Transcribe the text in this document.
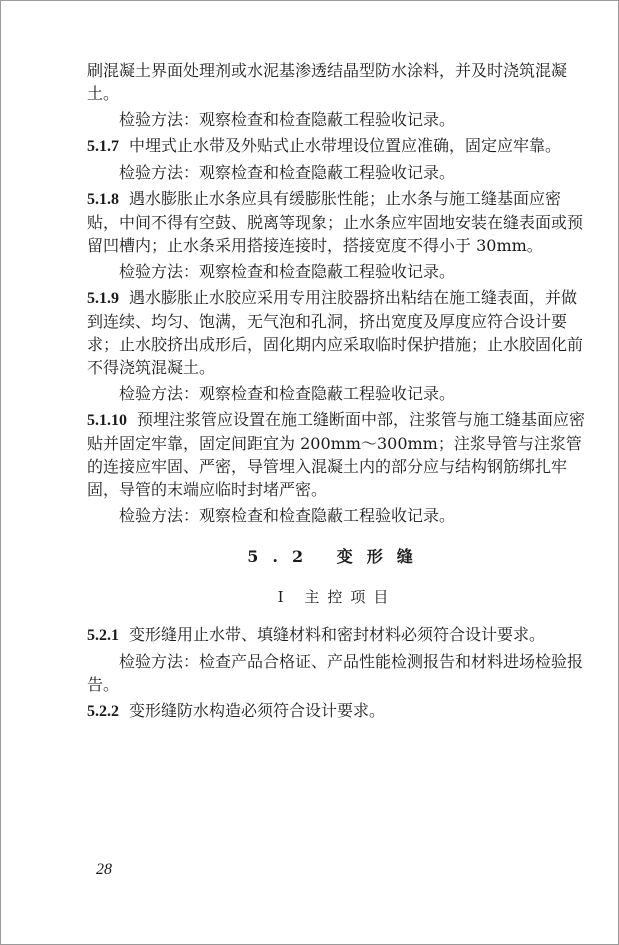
刷混凝土界面处理剂或水泥基渗透结晶型防水涂料，并及时浇筑混凝土。

检验方法：观察检查和检查隐蔽工程验收记录。

5.1.7 中埋式止水带及外贴式止水带埋设位置应准确，固定应牢靠。

检验方法：观察检查和检查隐蔽工程验收记录。

5.1.8 遇水膨胀止水条应具有缓膨胀性能；止水条与施工缝基面应密贴，中间不得有空鼓、脱离等现象；止水条应牢固地安装在缝表面或预留凹槽内；止水条采用搭接连接时，搭接宽度不得小于 30mm。

检验方法：观察检查和检查隐蔽工程验收记录。

5.1.9 遇水膨胀止水胶应采用专用注胶器挤出粘结在施工缝表面，并做到连续、均匀、饱满，无气泡和孔洞，挤出宽度及厚度应符合设计要求；止水胶挤出成形后，固化期内应采取临时保护措施；止水胶固化前不得浇筑混凝土。

检验方法：观察检查和检查隐蔽工程验收记录。

5.1.10 预埋注浆管应设置在施工缝断面中部，注浆管与施工缝基面应密贴并固定牢靠，固定间距宜为 200mm～300mm；注浆导管与注浆管的连接应牢固、严密，导管埋入混凝土内的部分应与结构钢筋绑扎牢固，导管的末端应临时封堵严密。

检验方法：观察检查和检查隐蔽工程验收记录。

5.2 变形缝

Ⅰ 主控项目

5.2.1 变形缝用止水带、填缝材料和密封材料必须符合设计要求。

检验方法：检查产品合格证、产品性能检测报告和材料进场检验报告。

5.2.2 变形缝防水构造必须符合设计要求。

28
